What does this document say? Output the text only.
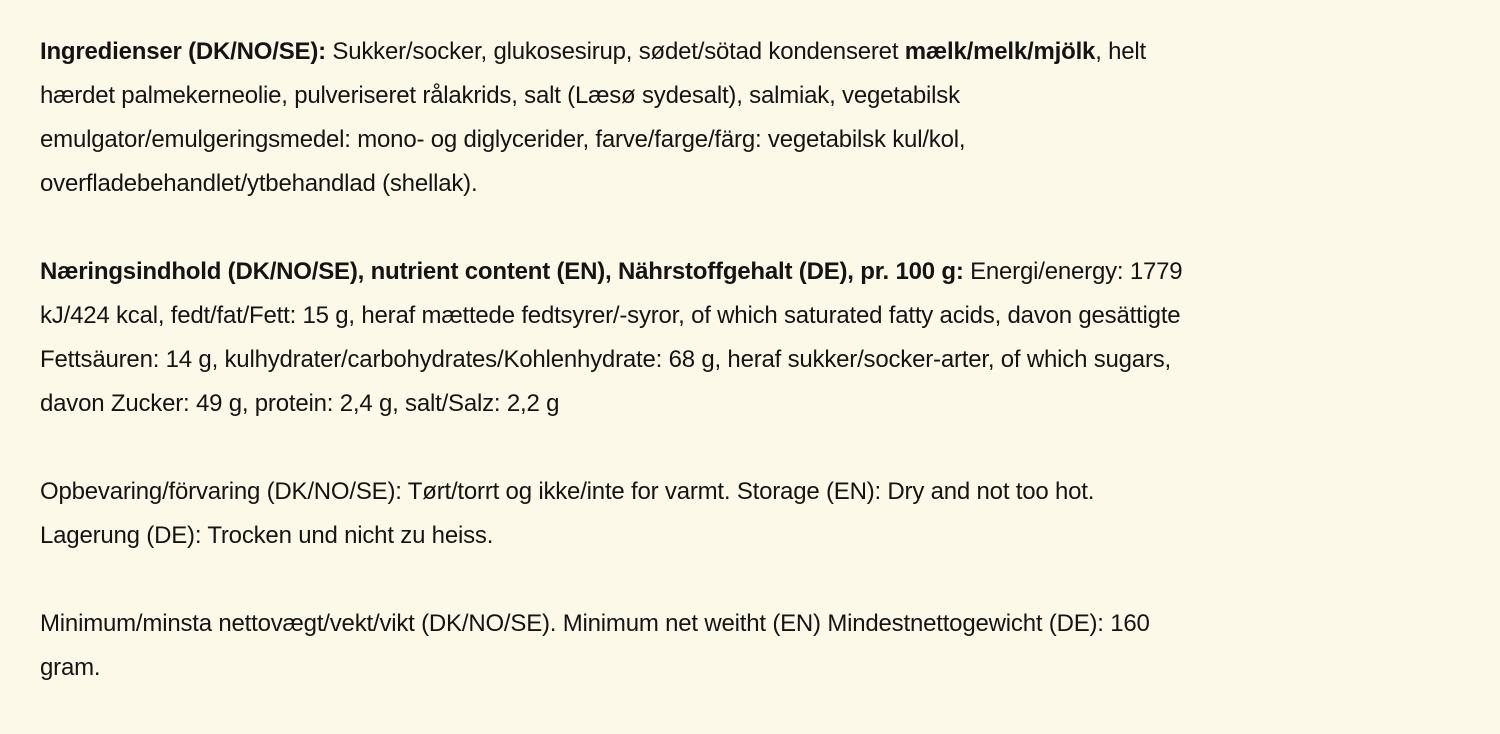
Ingredienser (DK/NO/SE): Sukker/socker, glukosesirup, sødet/sötad kondenseret mælk/melk/mjölk, helt
hærdet palmekerneolie, pulveriseret rålakrids, salt (Læsø sydesalt), salmiak, vegetabilsk
emulgator/emulgeringsmedel: mono- og diglycerider, farve/farge/färg: vegetabilsk kul/kol,
overfladebehandlet/ytbehandlad (shellak).
Næringsindhold (DK/NO/SE), nutrient content (EN), Nährstoffgehalt (DE), pr. 100 g: Energi/energy: 1779
kJ/424 kcal, fedt/fat/Fett: 15 g, heraf mættede fedtsyrer/-syror, of which saturated fatty acids, davon gesättigte
Fettsäuren: 14 g, kulhydrater/carbohydrates/Kohlenhydrate: 68 g, heraf sukker/socker-arter, of which sugars,
davon Zucker: 49 g, protein: 2,4 g, salt/Salz: 2,2 g
Opbevaring/förvaring (DK/NO/SE): Tørt/torrt og ikke/inte for varmt. Storage (EN): Dry and not too hot.
Lagerung (DE): Trocken und nicht zu heiss.
Minimum/minsta nettovægt/vekt/vikt (DK/NO/SE). Minimum net weitht (EN) Mindestnettogewicht (DE): 160
gram.
